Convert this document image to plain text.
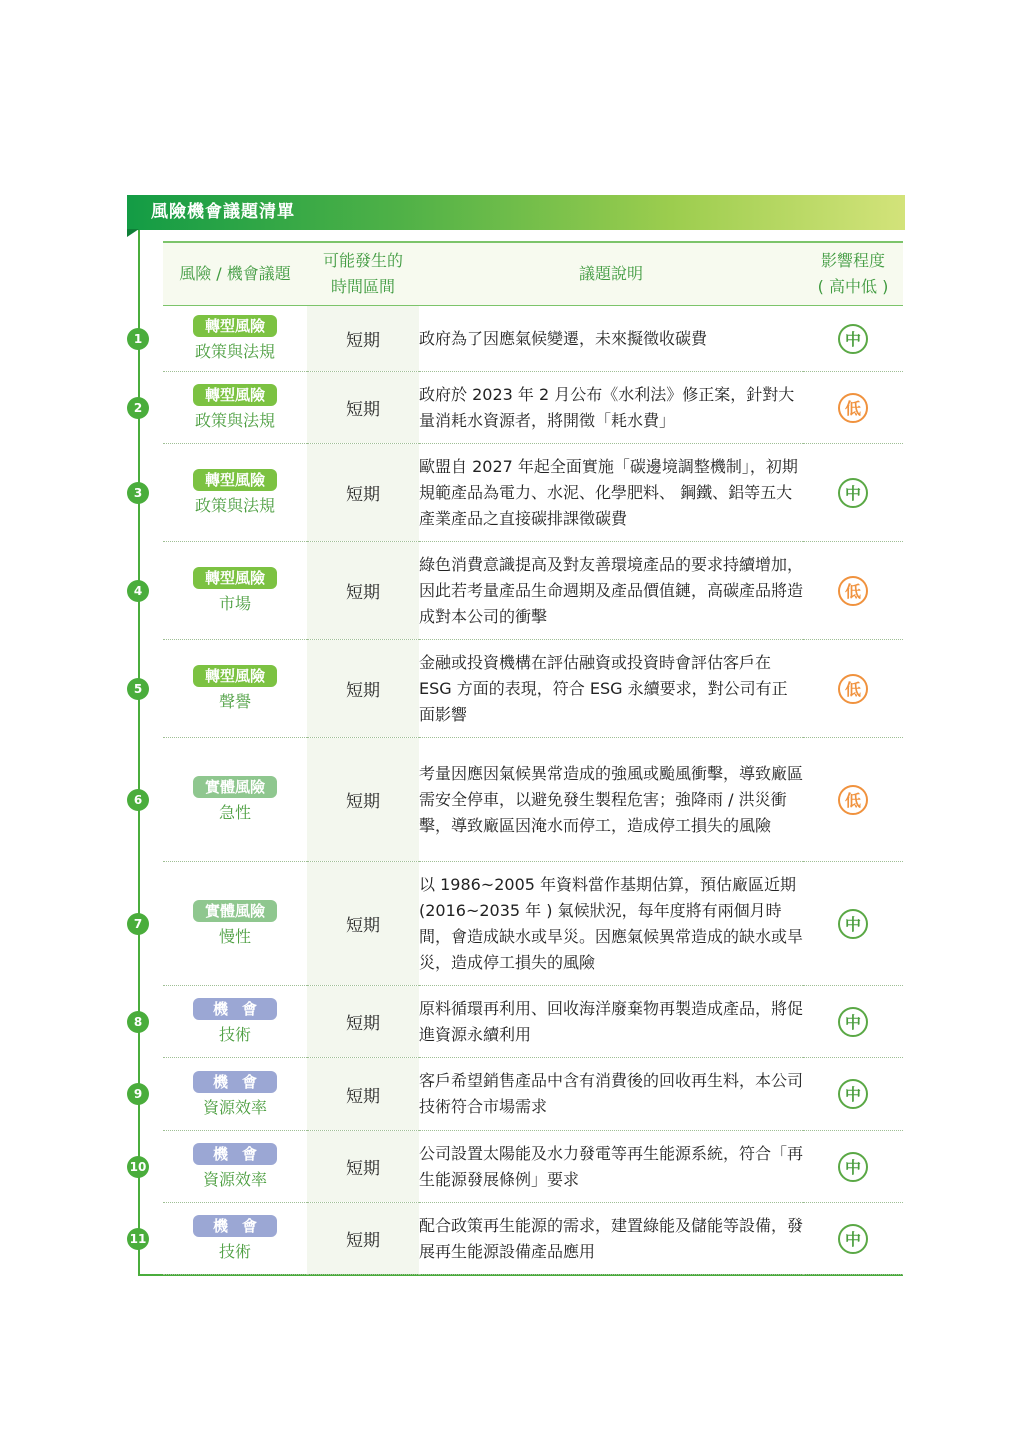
風險機會議題清單
風險 / 機會議題	可能發生的
時間區間	議題說明	影響程度
( 高中低 )

1
轉型風險
政策與法規	短期	政府為了因應氣候變遷，未來擬徵收碳費	中

2
轉型風險
政策與法規	短期	政府於 2023 年 2 月公布《水利法》修正案，針對大量消耗水資源者，將開徵「耗水費」	低

3
轉型風險
政策與法規	短期	歐盟自 2027 年起全面實施「碳邊境調整機制」，初期規範產品為電力、水泥、化學肥料、 鋼鐵、鋁等五大產業產品之直接碳排課徵碳費	中

4
轉型風險
市場	短期	綠色消費意識提高及對友善環境產品的要求持續增加，因此若考量產品生命週期及產品價值鏈，高碳產品將造成對本公司的衝擊	低

5
轉型風險
聲譽	短期	金融或投資機構在評估融資或投資時會評估客戶在 ESG 方面的表現，符合 ESG 永續要求，對公司有正面影響	低

6
實體風險
急性	短期	考量因應因氣候異常造成的強風或颱風衝擊，導致廠區需安全停車，以避免發生製程危害；強降雨 / 洪災衝擊，導致廠區因淹水而停工，造成停工損失的風險	低

7
實體風險
慢性	短期	以 1986~2005 年資料當作基期估算，預估廠區近期 (2016~2035 年 ) 氣候狀況，每年度將有兩個月時間，會造成缺水或旱災。因應氣候異常造成的缺水或旱災，造成停工損失的風險	中

8
機會
技術	短期	原料循環再利用、回收海洋廢棄物再製造成產品，將促進資源永續利用	中

9
機會
資源效率	短期	客戶希望銷售產品中含有消費後的回收再生料，本公司技術符合市場需求	中

10
機會
資源效率	短期	公司設置太陽能及水力發電等再生能源系統，符合「再生能源發展條例」要求	中

11
機會
技術	短期	配合政策再生能源的需求，建置綠能及儲能等設備，發展再生能源設備產品應用	中
